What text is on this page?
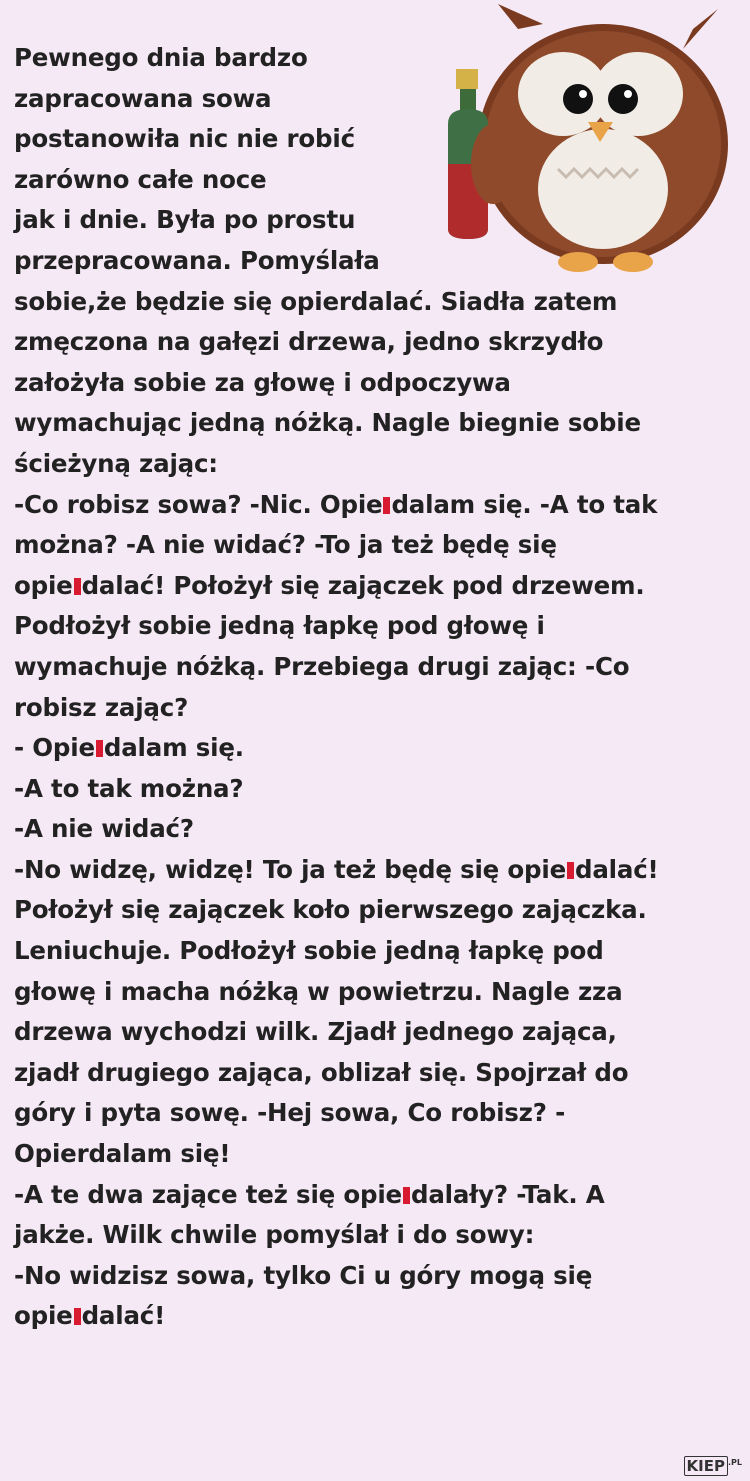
Pewnego dnia bardzo
zapracowana sowa
postanowiła nic nie robić
zarówno całe noce
jak i dnie. Była po prostu
przepracowana. Pomyślała
sobie,że będzie się opierdalać. Siadła zatem
zmęczona na gałęzi drzewa, jedno skrzydło
założyła sobie za głowę i odpoczywa
wymachując jedną nóżką. Nagle biegnie sobie
ścieżyną zając:
-Co robisz sowa? -Nic. Opie dalam się. -A to tak
można? -A nie widać? -To ja też będę się
opie dalać! Położył się zajączek pod drzewem.
Podłożył sobie jedną łapkę pod głowę i
wymachuje nóżką. Przebiega drugi zając: -Co
robisz zając?
- Opie dalam się.
-A to tak można?
-A nie widać?
-No widzę, widzę! To ja też będę się opie dalać!
Położył się zajączek koło pierwszego zajączka.
Leniuchuje. Podłożył sobie jedną łapkę pod
głowę i macha nóżką w powietrzu. Nagle zza
drzewa wychodzi wilk. Zjadł jednego zająca,
zjadł drugiego zająca, oblizał się. Spojrzał do
góry i pyta sowę. -Hej sowa, Co robisz? -
Opierdalam się!
-A te dwa zające też się opie dalały? -Tak. A
jakże. Wilk chwile pomyślał i do sowy:
-No widzisz sowa, tylko Ci u góry mogą się
opie dalać!
KIEP $^{.PL}$
